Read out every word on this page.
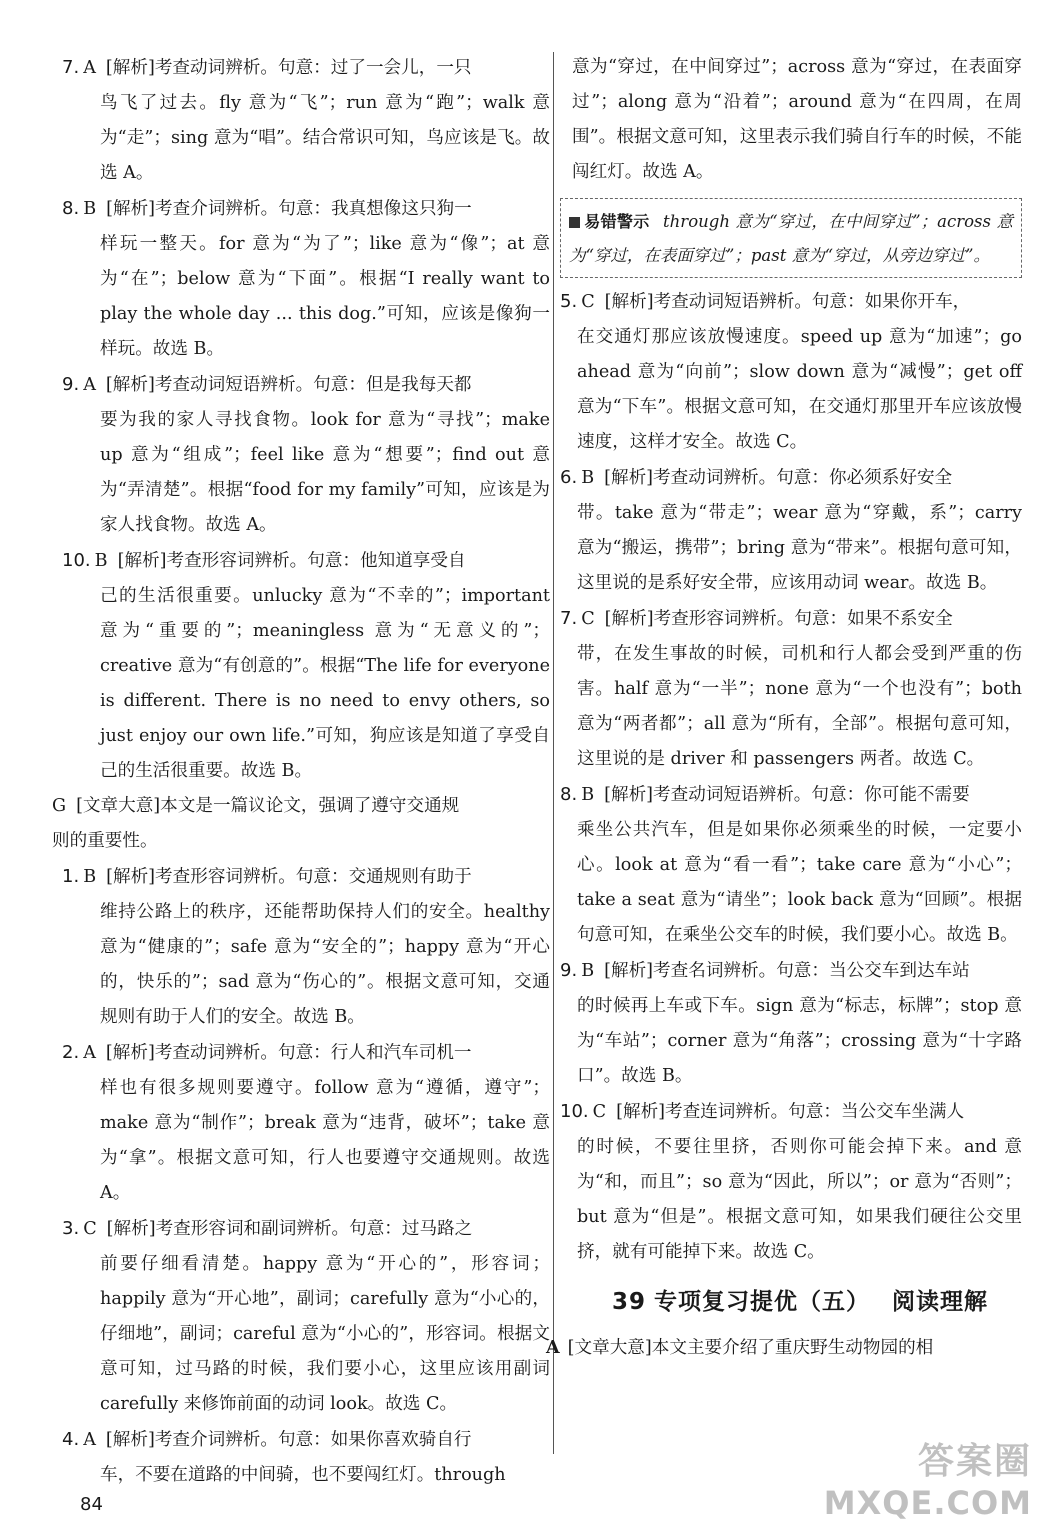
7. A [解析]考查动词辨析。句意：过了一会儿，一只
鸟飞了过去。fly 意为“飞”；run 意为“跑”；walk 意为“走”；sing 意为“唱”。结合常识可知，鸟应该是飞。故选 A。
8. B [解析]考查介词辨析。句意：我真想像这只狗一
样玩一整天。for 意为“为了”；like 意为“像”；at 意为“在”；below 意为“下面”。根据“I really want to play the whole day ... this dog.”可知，应该是像狗一样玩。故选 B。
9. A [解析]考查动词短语辨析。句意：但是我每天都
要为我的家人寻找食物。look for 意为“寻找”；make up 意为“组成”；feel like 意为“想要”；find out 意为“弄清楚”。根据“food for my family”可知，应该是为家人找食物。故选 A。
10. B [解析]考查形容词辨析。句意：他知道享受自
己的生活很重要。unlucky 意为“不幸的”；important 意为“重要的”；meaningless 意为“无意义的”；creative 意为“有创意的”。根据“The life for everyone is different. There is no need to envy others, so just enjoy our own life.”可知，狗应该是知道了享受自己的生活很重要。故选 B。
G [文章大意]本文是一篇议论文，强调了遵守交通规
则的重要性。
1. B [解析]考查形容词辨析。句意：交通规则有助于
维持公路上的秩序，还能帮助保持人们的安全。healthy 意为“健康的”；safe 意为“安全的”；happy 意为“开心的，快乐的”；sad 意为“伤心的”。根据文意可知，交通规则有助于人们的安全。故选 B。
2. A [解析]考查动词辨析。句意：行人和汽车司机一
样也有很多规则要遵守。follow 意为“遵循，遵守”；make 意为“制作”；break 意为“违背，破坏”；take 意为“拿”。根据文意可知，行人也要遵守交通规则。故选 A。
3. C [解析]考查形容词和副词辨析。句意：过马路之
前要仔细看清楚。happy 意为“开心的”，形容词；happily 意为“开心地”，副词；carefully 意为“小心的，仔细地”，副词；careful 意为“小心的”，形容词。根据文意可知，过马路的时候，我们要小心，这里应该用副词 carefully 来修饰前面的动词 look。故选 C。
4. A [解析]考查介词辨析。句意：如果你喜欢骑自行
车，不要在道路的中间骑，也不要闯红灯。through
意为“穿过，在中间穿过”；across 意为“穿过，在表面穿过”；along 意为“沿着”；around 意为“在四周，在周围”。根据文意可知，这里表示我们骑自行车的时候，不能闯红灯。故选 A。
易错警示 through 意为“穿过，在中间穿过”；across 意为“穿过，在表面穿过”；past 意为“穿过，从旁边穿过”。
5. C [解析]考查动词短语辨析。句意：如果你开车，
在交通灯那应该放慢速度。speed up 意为“加速”；go ahead 意为“向前”；slow down 意为“减慢”；get off 意为“下车”。根据文意可知，在交通灯那里开车应该放慢速度，这样才安全。故选 C。
6. B [解析]考查动词辨析。句意：你必须系好安全
带。take 意为“带走”；wear 意为“穿戴，系”；carry 意为“搬运，携带”；bring 意为“带来”。根据句意可知，这里说的是系好安全带，应该用动词 wear。故选 B。
7. C [解析]考查形容词辨析。句意：如果不系安全
带，在发生事故的时候，司机和行人都会受到严重的伤害。half 意为“一半”；none 意为“一个也没有”；both 意为“两者都”；all 意为“所有，全部”。根据句意可知，这里说的是 driver 和 passengers 两者。故选 C。
8. B [解析]考查动词短语辨析。句意：你可能不需要
乘坐公共汽车，但是如果你必须乘坐的时候，一定要小心。look at 意为“看一看”；take care 意为“小心”；take a seat 意为“请坐”；look back 意为“回顾”。根据句意可知，在乘坐公交车的时候，我们要小心。故选 B。
9. B [解析]考查名词辨析。句意：当公交车到达车站
的时候再上车或下车。sign 意为“标志，标牌”；stop 意为“车站”；corner 意为“角落”；crossing 意为“十字路口”。故选 B。
10. C [解析]考查连词辨析。句意：当公交车坐满人
的时候，不要往里挤，否则你可能会掉下来。and 意为“和，而且”；so 意为“因此，所以”；or 意为“否则”；but 意为“但是”。根据文意可知，如果我们硬往公交里挤，就有可能掉下来。故选 C。
39 专项复习提优（五） 阅读理解
A [文章大意]本文主要介绍了重庆野生动物园的相
84
答案圈
MXQE.COM
